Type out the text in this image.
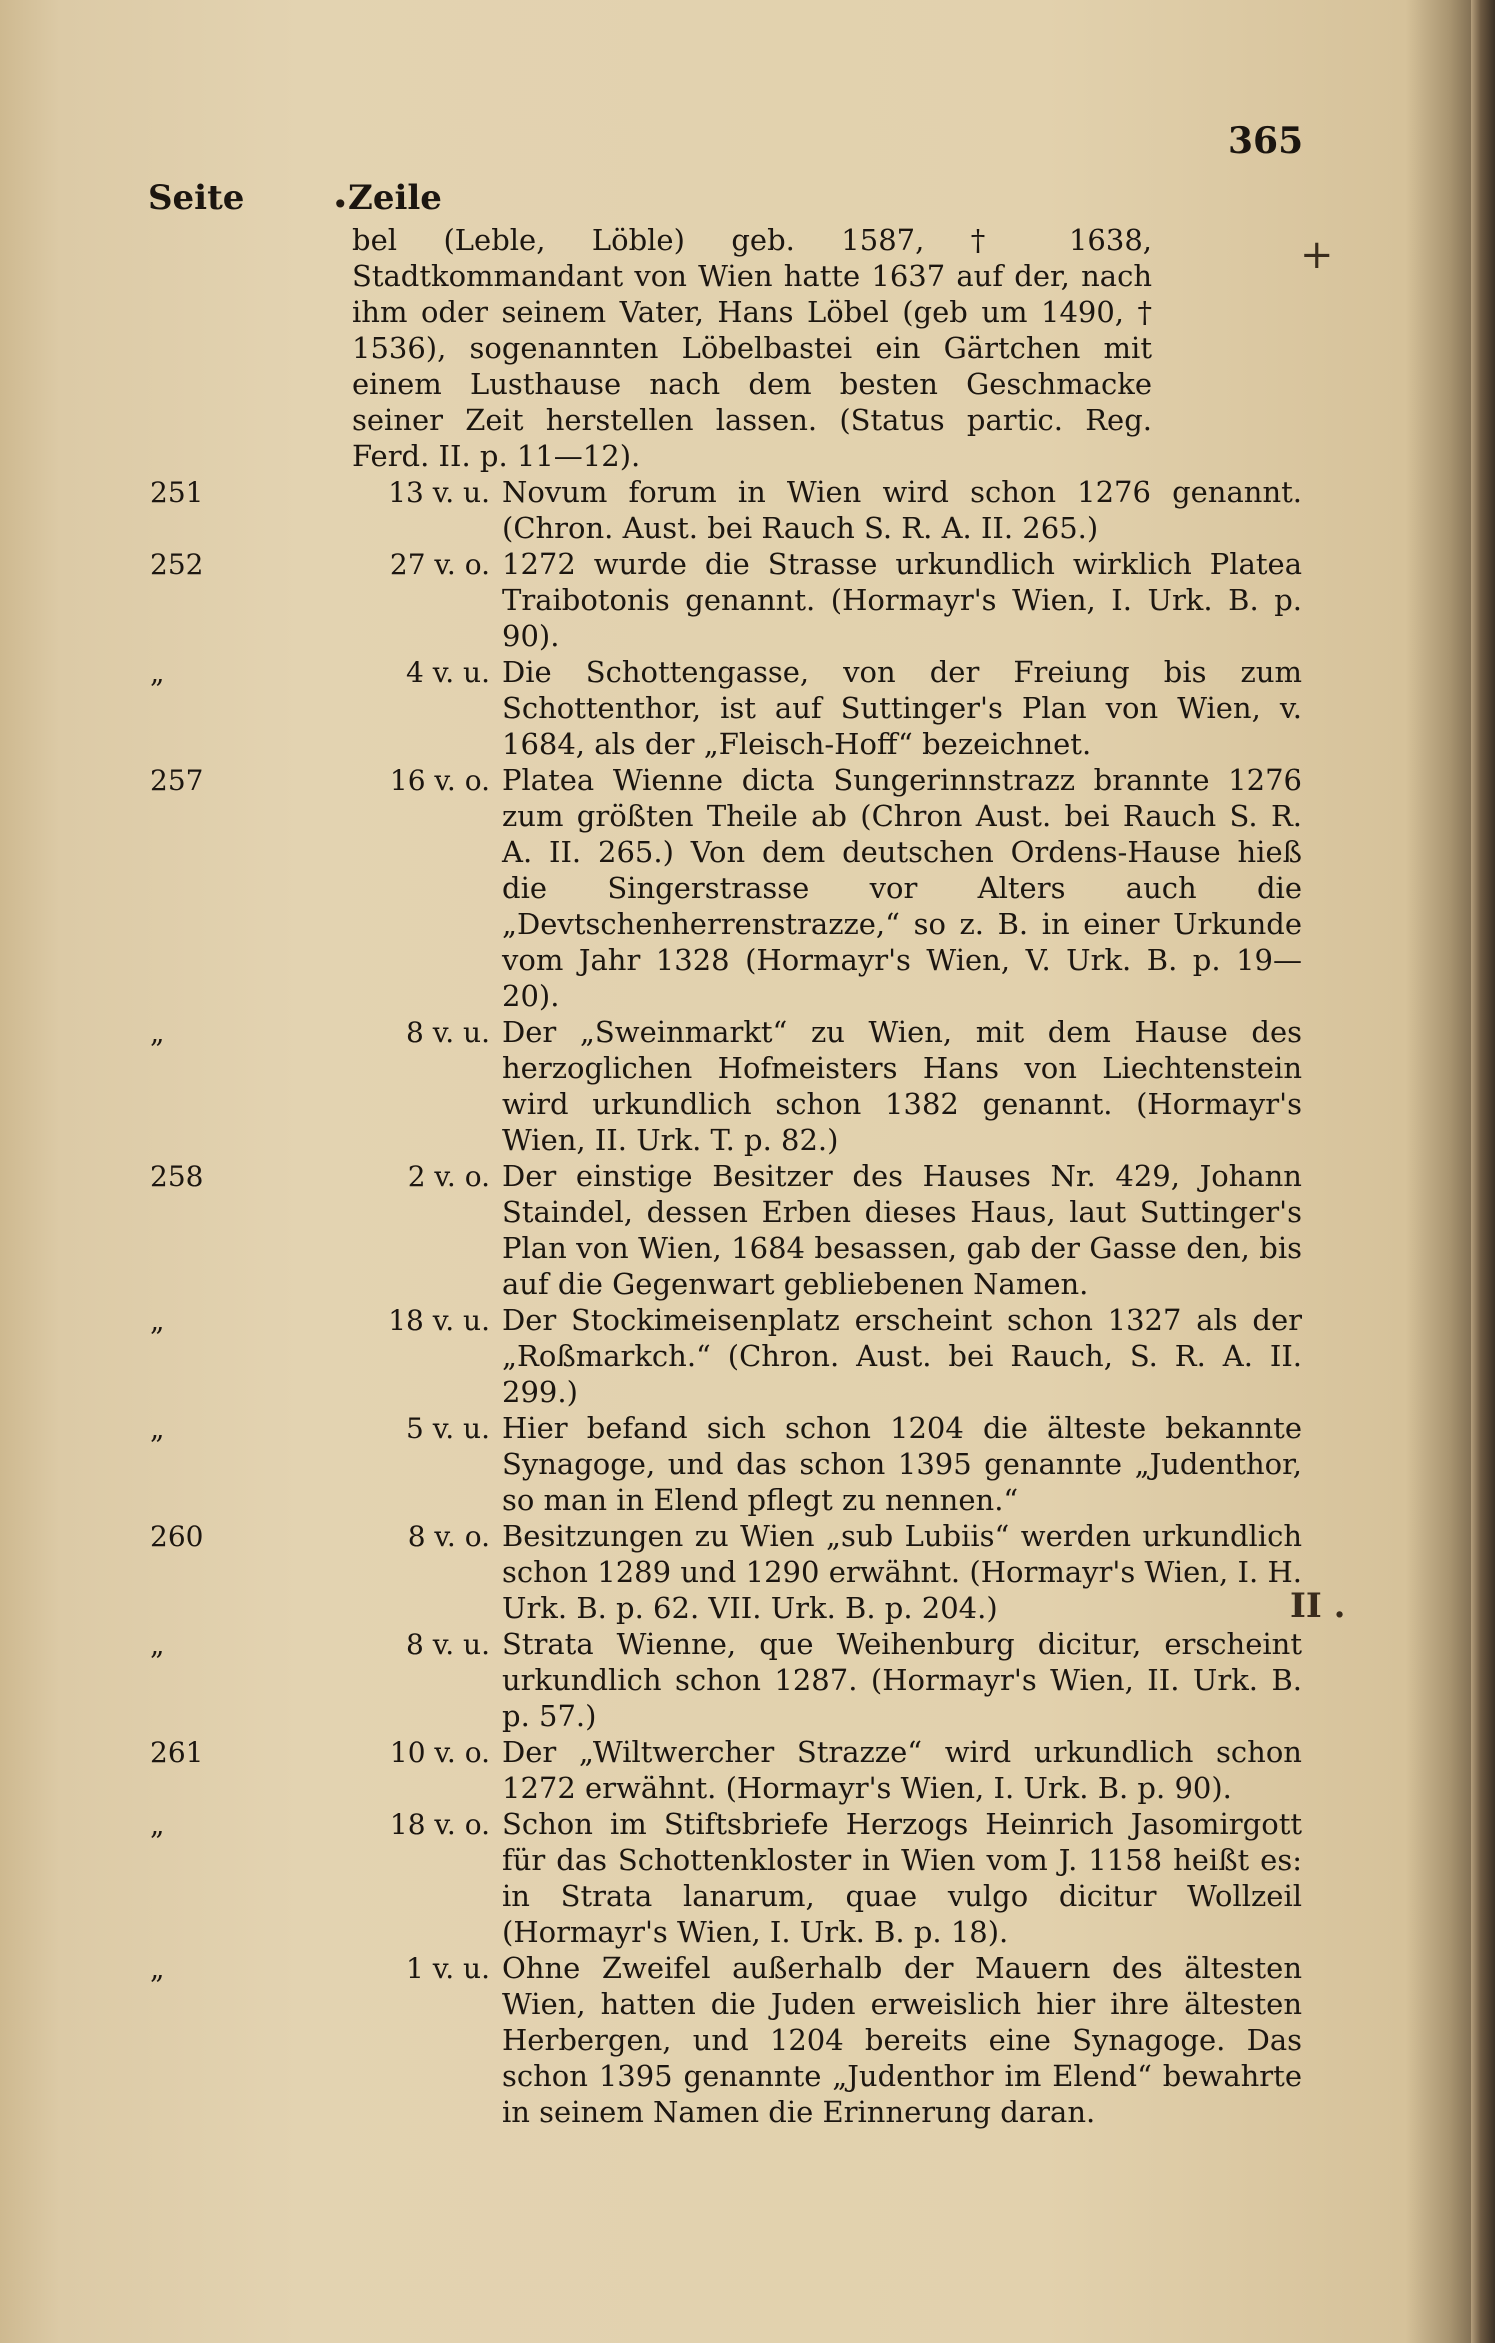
365
Seite	• Zeile
+
II .
bel (Leble, Löble) geb. 1587, † 1638, Stadtkommandant von Wien hatte 1637 auf der, nach ihm oder seinem Vater, Hans Löbel (geb um 1490, † 1536), sogenannten Löbelbastei ein Gärtchen mit einem Lusthause nach dem besten Geschmacke seiner Zeit herstellen lassen. (Status partic. Reg. Ferd. II. p. 11—12).
251	13 v. u. Novum forum in Wien wird schon 1276 genannt. (Chron. Aust. bei Rauch S. R. A. II. 265.)
252	27 v. o. 1272 wurde die Strasse urkundlich wirklich Platea Traibotonis genannt. (Hormayr's Wien, I. Urk. B. p. 90).
„	4 v. u. Die Schottengasse, von der Freiung bis zum Schottenthor, ist auf Suttinger's Plan von Wien, v. 1684, als der „Fleisch-Hoff“ bezeichnet.
257	16 v. o. Platea Wienne dicta Sungerinnstrazz brannte 1276 zum größten Theile ab (Chron Aust. bei Rauch S. R. A. II. 265.) Von dem deutschen Ordens-Hause hieß die Singerstrasse vor Alters auch die „Devtschenherrenstrazze,“ so z. B. in einer Urkunde vom Jahr 1328 (Hormayr's Wien, V. Urk. B. p. 19—20).
„	8 v. u. Der „Sweinmarkt“ zu Wien, mit dem Hause des herzoglichen Hofmeisters Hans von Liechtenstein wird urkundlich schon 1382 genannt. (Hormayr's Wien, II. Urk. T. p. 82.)
258	2 v. o. Der einstige Besitzer des Hauses Nr. 429, Johann Staindel, dessen Erben dieses Haus, laut Suttinger's Plan von Wien, 1684 besassen, gab der Gasse den, bis auf die Gegenwart gebliebenen Namen.
„	18 v. u. Der Stockimeisenplatz erscheint schon 1327 als der „Roßmarkch.“ (Chron. Aust. bei Rauch, S. R. A. II. 299.)
„	5 v. u. Hier befand sich schon 1204 die älteste bekannte Synagoge, und das schon 1395 genannte „Judenthor, so man in Elend pflegt zu nennen.“
260	8 v. o. Besitzungen zu Wien „sub Lubiis“ werden urkundlich schon 1289 und 1290 erwähnt. (Hormayr's Wien, I. H. Urk. B. p. 62. VII. Urk. B. p. 204.)
„	8 v. u. Strata Wienne, que Weihenburg dicitur, erscheint urkundlich schon 1287. (Hormayr's Wien, II. Urk. B. p. 57.)
261	10 v. o. Der „Wiltwercher Strazze“ wird urkundlich schon 1272 erwähnt. (Hormayr's Wien, I. Urk. B. p. 90).
„	18 v. o. Schon im Stiftsbriefe Herzogs Heinrich Jasomirgott für das Schottenkloster in Wien vom J. 1158 heißt es: in Strata lanarum, quae vulgo dicitur Wollzeil (Hormayr's Wien, I. Urk. B. p. 18).
„	1 v. u. Ohne Zweifel außerhalb der Mauern des ältesten Wien, hatten die Juden erweislich hier ihre ältesten Herbergen, und 1204 bereits eine Synagoge. Das schon 1395 genannte „Judenthor im Elend“ bewahrte in seinem Namen die Erinnerung daran.
